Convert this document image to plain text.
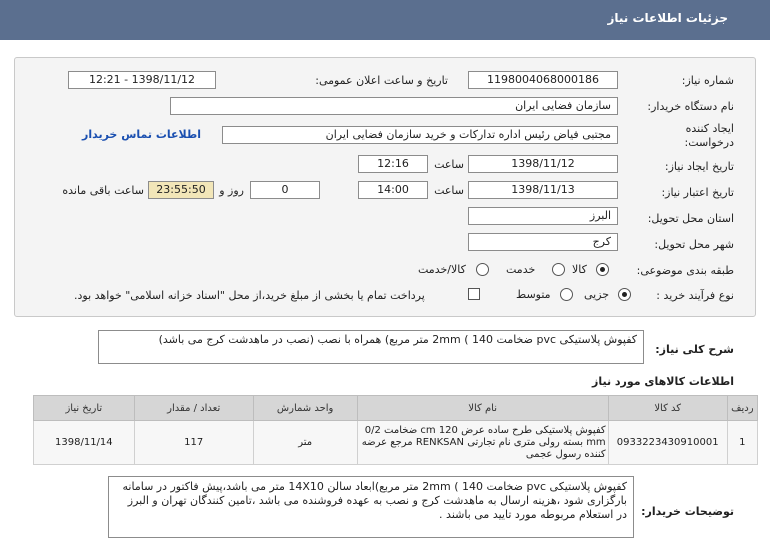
جزئیات اطلاعات نیاز
شماره نیاز:
1198004068000186
تاریخ و ساعت اعلان عمومی:
1398/11/12 - 12:21
نام دستگاه خریدار:
سازمان فضایی ایران
ایجاد کننده درخواست:
مجتبی فیاض رئیس اداره تدارکات و خرید سازمان فضایی ایران
اطلاعات تماس خریدار
تاریخ ایجاد نیاز:
1398/11/12
ساعت
12:16
تاریخ اعتبار نیاز:
1398/11/13
ساعت
14:00
0
روز و
23:55:50
ساعت باقی مانده
استان محل تحویل:
البرز
شهر محل تحویل:
کرج
طبقه بندی موضوعی:
کالا
خدمت
کالا/خدمت
نوع فرآیند خرید :
جزیی
متوسط
پرداخت تمام یا بخشی از مبلغ خرید،از محل "اسناد خزانه اسلامی" خواهد بود.
شرح کلی نیاز:
کفپوش پلاستیکی pvc ضخامت 140 ) 2mm متر مربع) همراه با نصب (نصب در ماهدشت کرج می باشد)
اطلاعات کالاهای مورد نیاز
ردیف	کد کالا	نام کالا	واحد شمارش	تعداد / مقدار	تاریخ نیاز
1	0933223430910001	کفپوش پلاستیکی طرح ساده عرض cm 120 ضخامت 0/2 mm بسته رولی متری نام تجارتی RENKSAN مرجع عرضه کننده رسول عجمی	متر	117	1398/11/14
توضیحات خریدار:
کفپوش پلاستیکی pvc ضخامت 140 ) 2mm متر مربع)ابعاد سالن 14X10 متر می باشد،پیش فاکتور در سامانه بارگزاری شود ،هزینه ارسال به ماهدشت کرج و نصب به عهده فروشنده می باشد ،تامین کنندگان تهران و البرز در استعلام مربوطه مورد تایید می باشند .
